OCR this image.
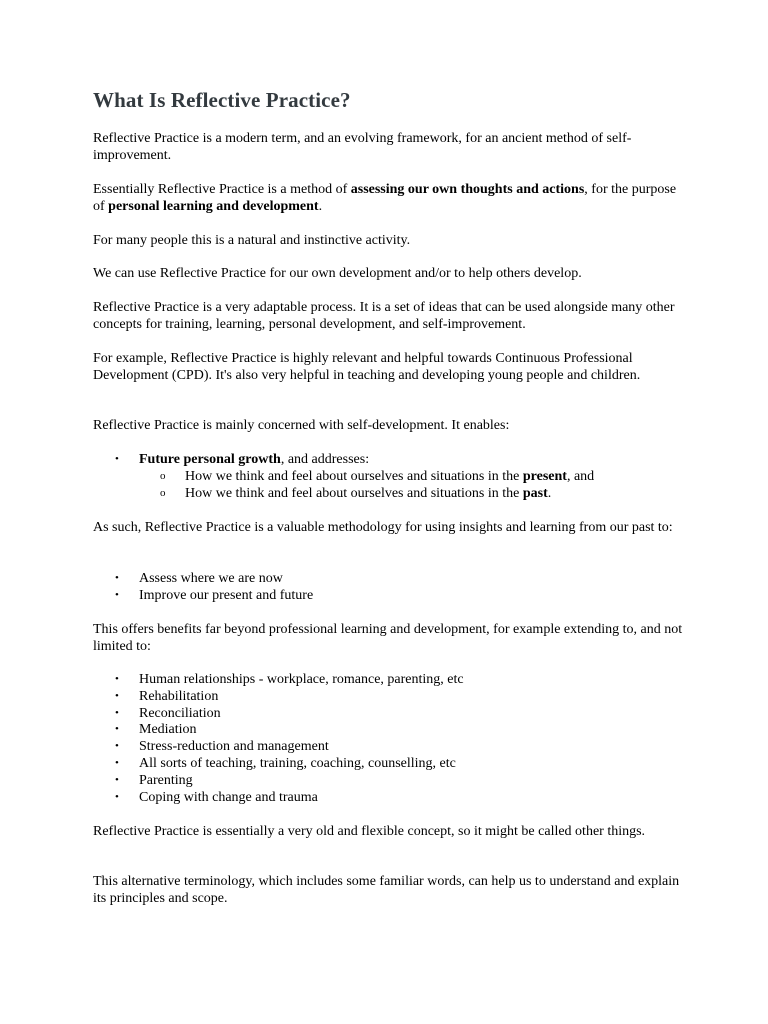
What Is Reflective Practice?

Reflective Practice is a modern term, and an evolving framework, for an ancient method of self-improvement.

Essentially Reflective Practice is a method of assessing our own thoughts and actions, for the purpose of personal learning and development.

For many people this is a natural and instinctive activity.

We can use Reflective Practice for our own development and/or to help others develop.

Reflective Practice is a very adaptable process. It is a set of ideas that can be used alongside many other concepts for training, learning, personal development, and self-improvement.

For example, Reflective Practice is highly relevant and helpful towards Continuous Professional Development (CPD). It's also very helpful in teaching and developing young people and children.

Reflective Practice is mainly concerned with self-development. It enables:

• Future personal growth, and addresses:
o How we think and feel about ourselves and situations in the present, and
o How we think and feel about ourselves and situations in the past.

As such, Reflective Practice is a valuable methodology for using insights and learning from our past to:

• Assess where we are now
• Improve our present and future

This offers benefits far beyond professional learning and development, for example extending to, and not limited to:

• Human relationships - workplace, romance, parenting, etc
• Rehabilitation
• Reconciliation
• Mediation
• Stress-reduction and management
• All sorts of teaching, training, coaching, counselling, etc
• Parenting
• Coping with change and trauma

Reflective Practice is essentially a very old and flexible concept, so it might be called other things.

This alternative terminology, which includes some familiar words, can help us to understand and explain its principles and scope.
